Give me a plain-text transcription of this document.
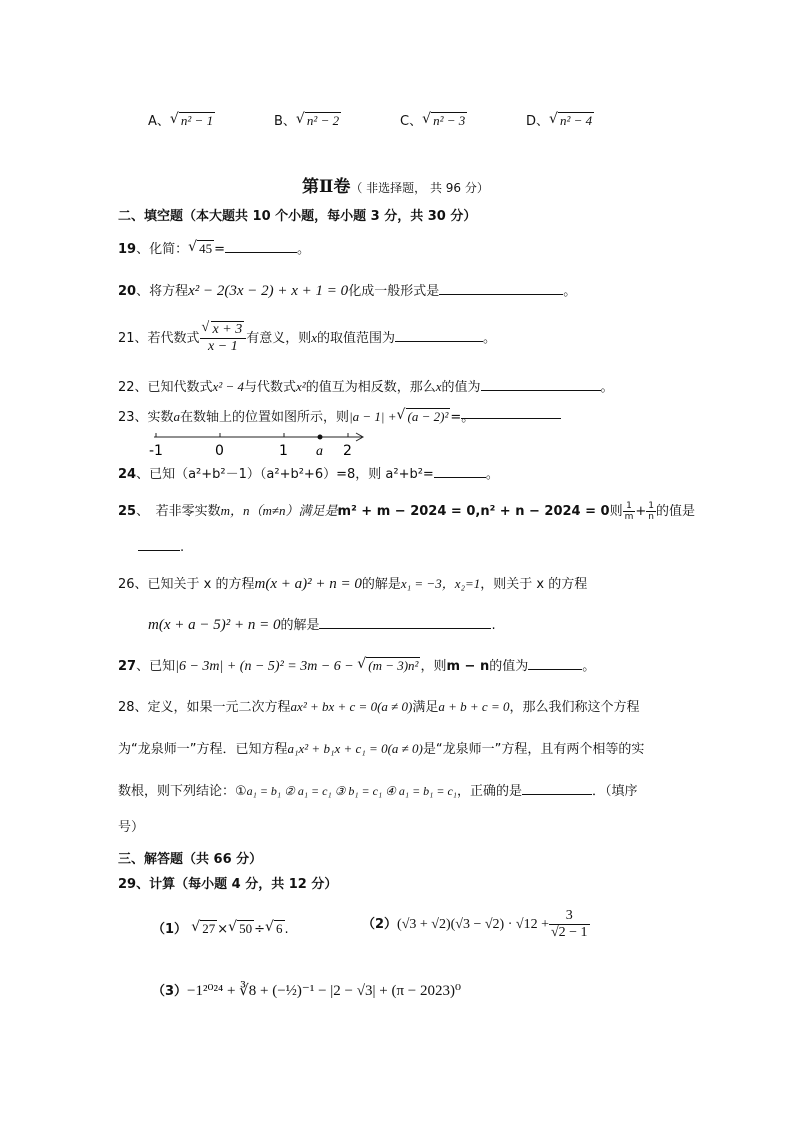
A、 √ n² − 1	B、 √ n² − 2	C、 √ n² − 3	D、 √ n² − 4
第Ⅱ卷（ 非选择题， 共 96 分）
二、填空题（本大题共 10 个小题，每小题 3 分，共 30 分）
19、化简： √ 45 =	。
20、将方程x² − 2(3x − 2) + x + 1 = 0化成一般形式是	。
21、若代数式 √ $\frac{x + 3}{x - 1}$ 有意义，则x的取值范围为	。
22、已知代数式x² − 4与代数式x²的值互为相反数，那么x的值为	。
23、实数a在数轴上的位置如图所示，则|a − 1| + √ (a − 2)² =。
-1	0	1 a 2
24、已知（a²+b²－1）（a²+b²+6）=8，则 a²+b²=	。
25、　若非零实数m，n（m≠n）满足是m² + m − 2024 = 0,n² + n − 2024 = 0则 $\frac{1}{m} + \frac{1}{n}$ 的值是
.
26、已知关于 x 的方程m(x + a)² + n = 0的解是x₁ = −3，x₂=1，则关于 x 的方程
m(x + a − 5)² + n = 0的解是	.
27、已知|6 − 3m| + (n − 5)² = 3m − 6 − √ (m − 3)n² ，则m − n的值为	。
28、定义，如果一元二次方程ax² + bx + c = 0(a ≠ 0)满足a + b + c = 0，那么我们称这个方程
为“龙泉师一”方程．已知方程a₁x² + b₁x + c₁ = 0(a ≠ 0)是“龙泉师一”方程，且有两个相等的实
数根，则下列结论：①a₁ = b₁ ② a₁ = c₁ ③ b₁ = c₁ ④ a₁ = b₁ = c₁，正确的是	．（填序
号）
三、解答题（共 66 分）
29、计算（每小题 4 分，共 12 分）
（1） √ 27 × √ 50 ÷ √ 6 .	$(2)(√3 + √2)(√3 - √2) \cdot √12 + \frac{3}{√2 - 1}$
（3）−1²⁰²⁴ + ∛8 + (−½)⁻¹ − |2 − √3| + (π − 2023)⁰
